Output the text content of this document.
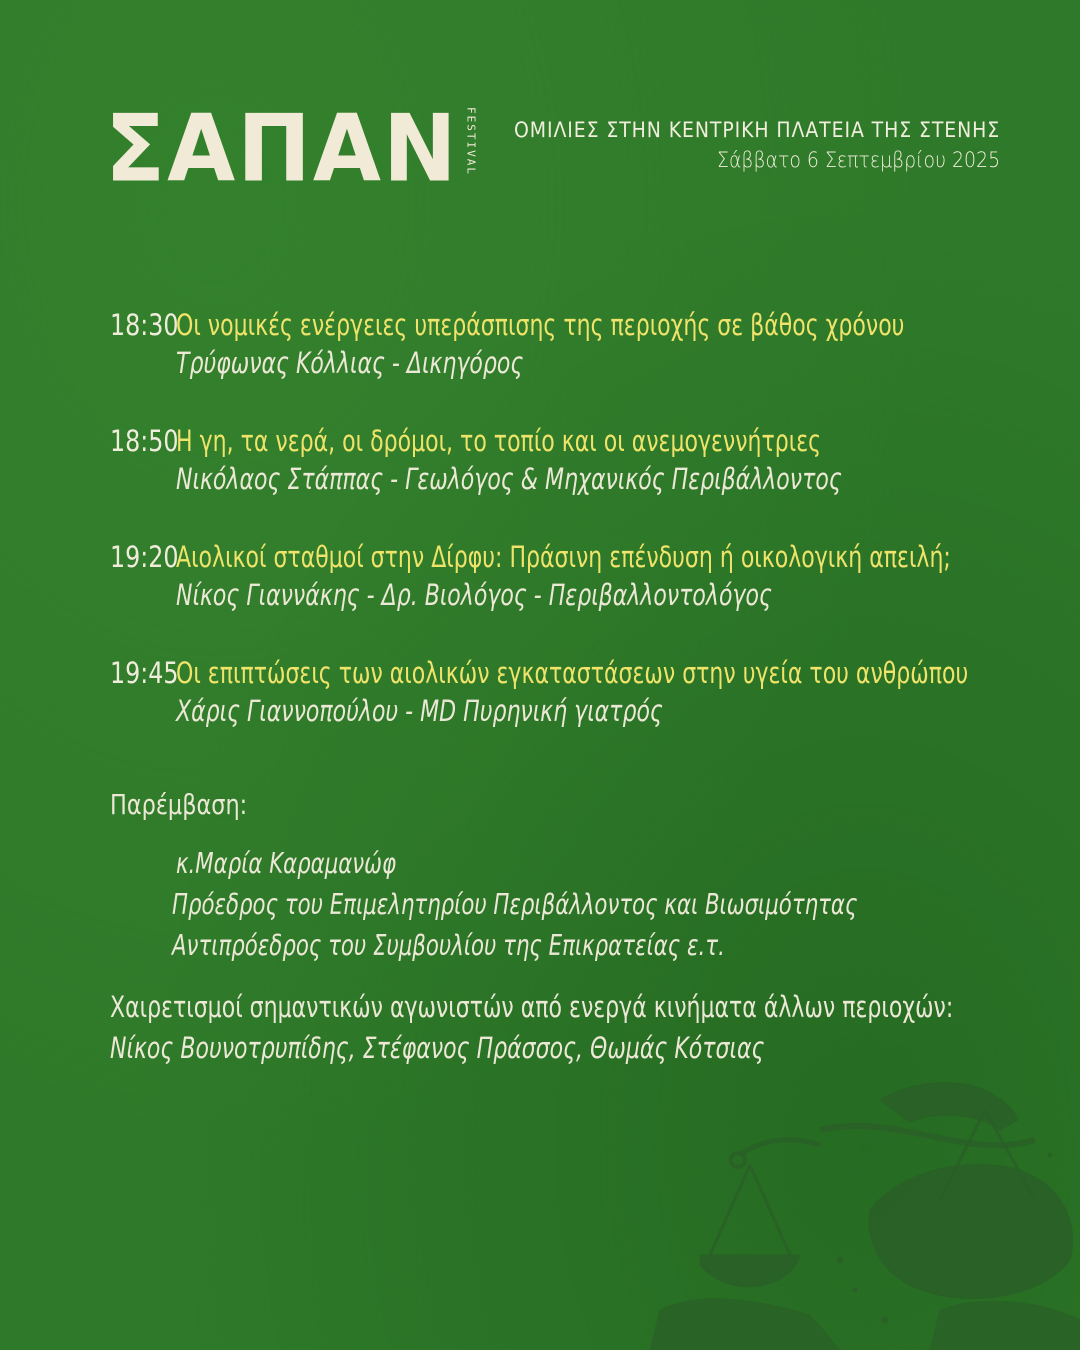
ΣΑΠΑΝ FESTIVAL ΟΜΙΛΙΕΣ ΣΤΗΝ ΚΕΝΤΡΙΚΗ ΠΛΑΤΕΙΑ ΤΗΣ ΣΤΕΝΗΣ
Σάββατο 6 Σεπτεμβρίου 2025
18:30
Οι νομικές ενέργειες υπεράσπισης της περιοχής σε βάθος χρόνου
Τρύφωνας Κόλλιας - Δικηγόρος
18:50
Η γη, τα νερά, οι δρόμοι, το τοπίο και οι ανεμογεννήτριες
Νικόλαος Στάππας - Γεωλόγος & Μηχανικός Περιβάλλοντος
19:20
Αιολικοί σταθμοί στην Δίρφυ: Πράσινη επένδυση ή οικολογική απειλή;
Νίκος Γιαννάκης - Δρ. Βιολόγος - Περιβαλλοντολόγος
19:45
Οι επιπτώσεις των αιολικών εγκαταστάσεων στην υγεία του ανθρώπου
Χάρις Γιαννοπούλου - MD Πυρηνική γιατρός
Παρέμβαση:
κ.Μαρία Καραμανώφ
Πρόεδρος του Επιμελητηρίου Περιβάλλοντος και Βιωσιμότητας
Αντιπρόεδρος του Συμβουλίου της Επικρατείας ε.τ.
Χαιρετισμοί σημαντικών αγωνιστών από ενεργά κινήματα άλλων περιοχών:
Νίκος Βουνοτρυπίδης, Στέφανος Πράσσος, Θωμάς Κότσιας
